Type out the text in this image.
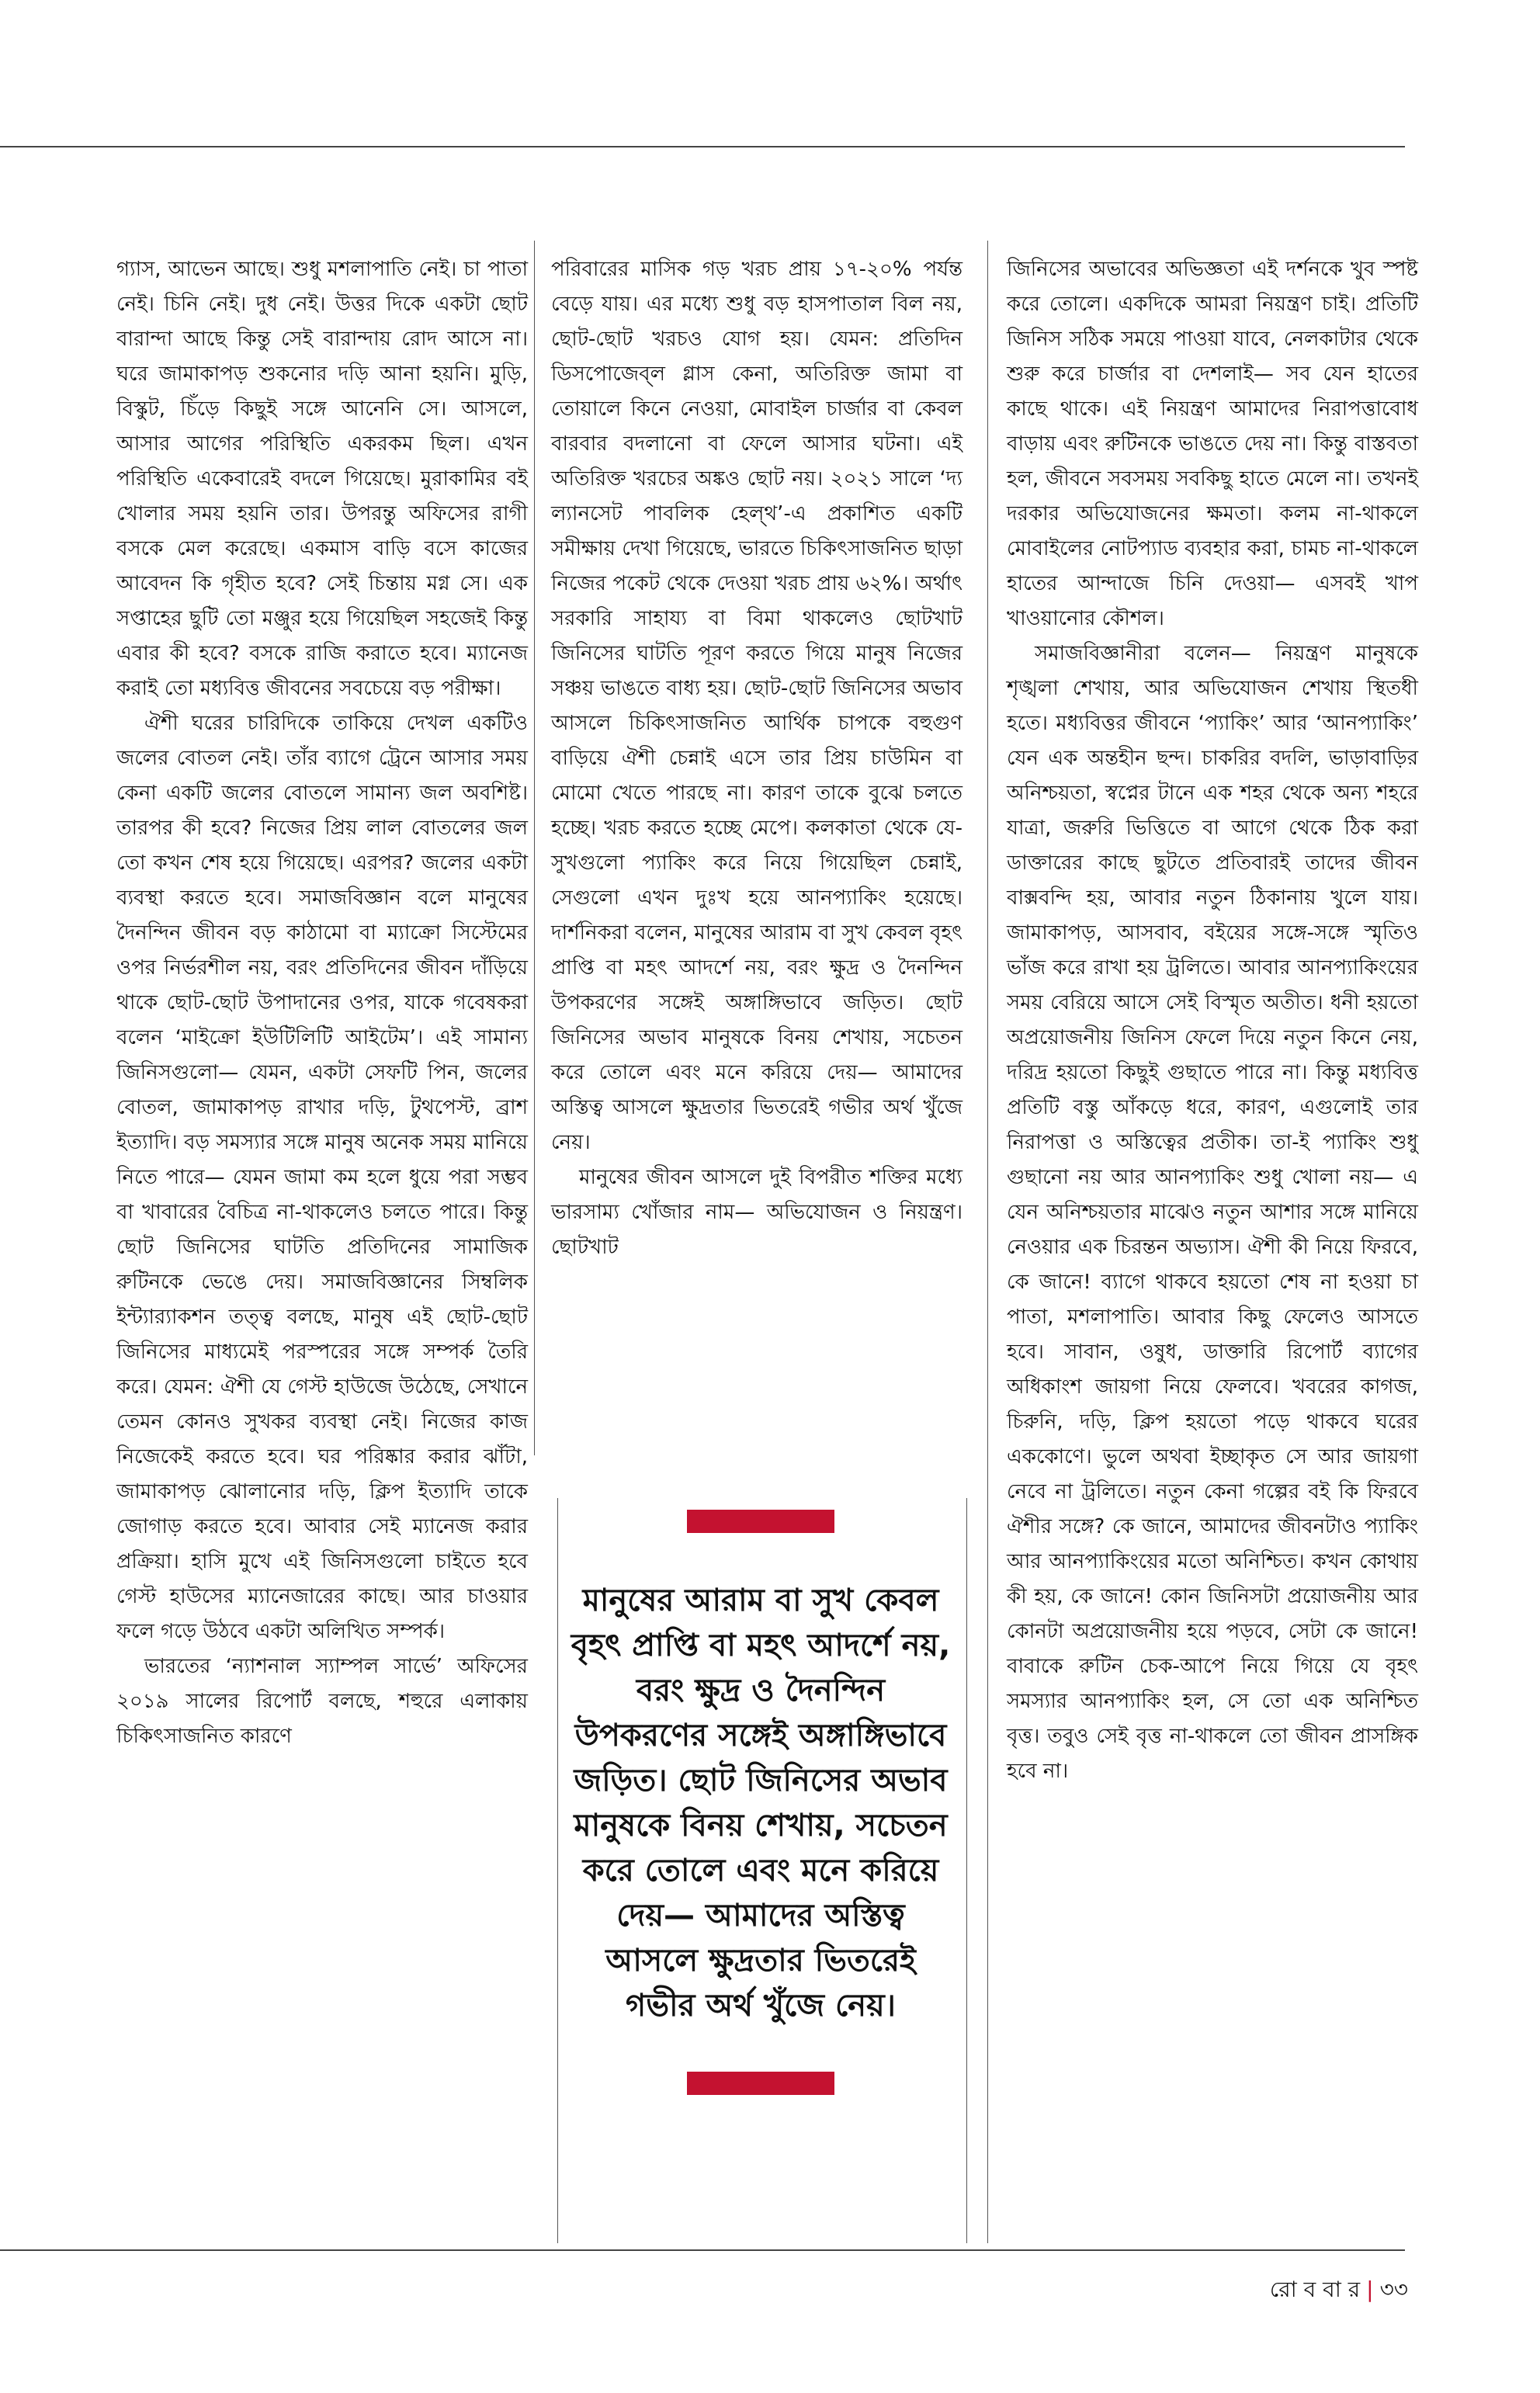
গ্যাস, আভেন আছে। শুধু মশলাপাতি নেই। চা পাতা নেই। চিনি নেই। দুধ নেই। উত্তর দিকে একটা ছোট বারান্দা আছে কিন্তু সেই বারান্দায় রোদ আসে না। ঘরে জামাকাপড় শুকনোর দড়ি আনা হয়নি। মুড়ি, বিস্কুট, চিঁড়ে কিছুই সঙ্গে আনেনি সে। আসলে, আসার আগের পরিস্থিতি একরকম ছিল। এখন পরিস্থিতি একেবারেই বদলে গিয়েছে। মুরাকামির বই খোলার সময় হয়নি তার। উপরন্তু অফিসের রাগী বসকে মেল করেছে। একমাস বাড়ি বসে কাজের আবেদন কি গৃহীত হবে? সেই চিন্তায় মগ্ন সে। এক সপ্তাহের ছুটি তো মঞ্জুর হয়ে গিয়েছিল সহজেই কিন্তু এবার কী হবে? বসকে রাজি করাতে হবে। ম্যানেজ করাই তো মধ্যবিত্ত জীবনের সবচেয়ে বড় পরীক্ষা।

ঐশী ঘরের চারিদিকে তাকিয়ে দেখল একটিও জলের বোতল নেই। তাঁর ব্যাগে ট্রেনে আসার সময় কেনা একটি জলের বোতলে সামান্য জল অবশিষ্ট। তারপর কী হবে? নিজের প্রিয় লাল বোতলের জল তো কখন শেষ হয়ে গিয়েছে। এরপর? জলের একটা ব্যবস্থা করতে হবে। সমাজবিজ্ঞান বলে মানুষের দৈনন্দিন জীবন বড় কাঠামো বা ম্যাক্রো সিস্টেমের ওপর নির্ভরশীল নয়, বরং প্রতিদিনের জীবন দাঁড়িয়ে থাকে ছোট-ছোট উপাদানের ওপর, যাকে গবেষকরা বলেন ‘মাইক্রো ইউটিলিটি আইটেম’। এই সামান্য জিনিসগুলো— যেমন, একটা সেফটি পিন, জলের বোতল, জামাকাপড় রাখার দড়ি, টুথপেস্ট, ব্রাশ ইত্যাদি। বড় সমস্যার সঙ্গে মানুষ অনেক সময় মানিয়ে নিতে পারে— যেমন জামা কম হলে ধুয়ে পরা সম্ভব বা খাবারের বৈচিত্র না-থাকলেও চলতে পারে। কিন্তু ছোট জিনিসের ঘাটতি প্রতিদিনের সামাজিক রুটিনকে ভেঙে দেয়। সমাজবিজ্ঞানের সিম্বলিক ইন্ট্যার‍্যাকশন তত্ত্ব বলছে, মানুষ এই ছোট-ছোট জিনিসের মাধ্যমেই পরস্পরের সঙ্গে সম্পর্ক তৈরি করে। যেমন: ঐশী যে গেস্ট হাউজে উঠেছে, সেখানে তেমন কোনও সুখকর ব্যবস্থা নেই। নিজের কাজ নিজেকেই করতে হবে। ঘর পরিষ্কার করার ঝাঁটা, জামাকাপড় ঝোলানোর দড়ি, ক্লিপ ইত্যাদি তাকে জোগাড় করতে হবে। আবার সেই ম্যানেজ করার প্রক্রিয়া। হাসি মুখে এই জিনিসগুলো চাইতে হবে গেস্ট হাউসের ম্যানেজারের কাছে। আর চাওয়ার ফলে গড়ে উঠবে একটা অলিখিত সম্পর্ক।

ভারতের ‘ন্যাশনাল স্যাম্পল সার্ভে’ অফিসের ২০১৯ সালের রিপোর্ট বলছে, শহুরে এলাকায় চিকিৎসাজনিত কারণে

পরিবারের মাসিক গড় খরচ প্রায় ১৭-২০% পর্যন্ত বেড়ে যায়। এর মধ্যে শুধু বড় হাসপাতাল বিল নয়, ছোট-ছোট খরচও যোগ হয়। যেমন: প্রতিদিন ডিসপোজেব্‌ল গ্লাস কেনা, অতিরিক্ত জামা বা তোয়ালে কিনে নেওয়া, মোবাইল চার্জার বা কেবল বারবার বদলানো বা ফেলে আসার ঘটনা। এই অতিরিক্ত খরচের অঙ্কও ছোট নয়। ২০২১ সালে ‘দ্য ল্যানসেট পাবলিক হেল্থ’-এ প্রকাশিত একটি সমীক্ষায় দেখা গিয়েছে, ভারতে চিকিৎসাজনিত ছাড়া নিজের পকেট থেকে দেওয়া খরচ প্রায় ৬২%। অর্থাৎ সরকারি সাহায্য বা বিমা থাকলেও ছোটখাট জিনিসের ঘাটতি পূরণ করতে গিয়ে মানুষ নিজের সঞ্চয় ভাঙতে বাধ্য হয়। ছোট-ছোট জিনিসের অভাব আসলে চিকিৎসাজনিত আর্থিক চাপকে বহুগুণ বাড়িয়ে ঐশী চেন্নাই এসে তার প্রিয় চাউমিন বা মোমো খেতে পারছে না। কারণ তাকে বুঝে চলতে হচ্ছে। খরচ করতে হচ্ছে মেপে। কলকাতা থেকে যে-সুখগুলো প্যাকিং করে নিয়ে গিয়েছিল চেন্নাই, সেগুলো এখন দুঃখ হয়ে আনপ্যাকিং হয়েছে। দার্শনিকরা বলেন, মানুষের আরাম বা সুখ কেবল বৃহৎ প্রাপ্তি বা মহৎ আদর্শে নয়, বরং ক্ষুদ্র ও দৈনন্দিন উপকরণের সঙ্গেই অঙ্গাঙ্গিভাবে জড়িত। ছোট জিনিসের অভাব মানুষকে বিনয় শেখায়, সচেতন করে তোলে এবং মনে করিয়ে দেয়— আমাদের অস্তিত্ব আসলে ক্ষুদ্রতার ভিতরেই গভীর অর্থ খুঁজে নেয়।

মানুষের জীবন আসলে দুই বিপরীত শক্তির মধ্যে ভারসাম্য খোঁজার নাম— অভিযোজন ও নিয়ন্ত্রণ। ছোটখাট

জিনিসের অভাবের অভিজ্ঞতা এই দর্শনকে খুব স্পষ্ট করে তোলে। একদিকে আমরা নিয়ন্ত্রণ চাই। প্রতিটি জিনিস সঠিক সময়ে পাওয়া যাবে, নেলকাটার থেকে শুরু করে চার্জার বা দেশলাই— সব যেন হাতের কাছে থাকে। এই নিয়ন্ত্রণ আমাদের নিরাপত্তাবোধ বাড়ায় এবং রুটিনকে ভাঙতে দেয় না। কিন্তু বাস্তবতা হল, জীবনে সবসময় সবকিছু হাতে মেলে না। তখনই দরকার অভিযোজনের ক্ষমতা। কলম না-থাকলে মোবাইলের নোটপ্যাড ব্যবহার করা, চামচ না-থাকলে হাতের আন্দাজে চিনি দেওয়া— এসবই খাপ খাওয়ানোর কৌশল।

সমাজবিজ্ঞানীরা বলেন— নিয়ন্ত্রণ মানুষকে শৃঙ্খলা শেখায়, আর অভিযোজন শেখায় স্থিতধী হতে। মধ্যবিত্তর জীবনে ‘প্যাকিং’ আর ‘আনপ্যাকিং’ যেন এক অন্তহীন ছন্দ। চাকরির বদলি, ভাড়াবাড়ির অনিশ্চয়তা, স্বপ্নের টানে এক শহর থেকে অন্য শহরে যাত্রা, জরুরি ভিত্তিতে বা আগে থেকে ঠিক করা ডাক্তারের কাছে ছুটতে প্রতিবারই তাদের জীবন বাক্সবন্দি হয়, আবার নতুন ঠিকানায় খুলে যায়। জামাকাপড়, আসবাব, বইয়ের সঙ্গে-সঙ্গে স্মৃতিও ভাঁজ করে রাখা হয় ট্রলিতে। আবার আনপ্যাকিংয়ের সময় বেরিয়ে আসে সেই বিস্মৃত অতীত। ধনী হয়তো অপ্রয়োজনীয় জিনিস ফেলে দিয়ে নতুন কিনে নেয়, দরিদ্র হয়তো কিছুই গুছাতে পারে না। কিন্তু মধ্যবিত্ত প্রতিটি বস্তু আঁকড়ে ধরে, কারণ, এগুলোই তার নিরাপত্তা ও অস্তিত্বের প্রতীক। তা-ই প্যাকিং শুধু গুছানো নয় আর আনপ্যাকিং শুধু খোলা নয়— এ যেন অনিশ্চয়তার মাঝেও নতুন আশার সঙ্গে মানিয়ে নেওয়ার এক চিরন্তন অভ্যাস। ঐশী কী নিয়ে ফিরবে, কে জানে! ব্যাগে থাকবে হয়তো শেষ না হওয়া চা পাতা, মশলাপাতি। আবার কিছু ফেলেও আসতে হবে। সাবান, ওষুধ, ডাক্তারি রিপোর্ট ব্যাগের অধিকাংশ জায়গা নিয়ে ফেলবে। খবরের কাগজ, চিরুনি, দড়ি, ক্লিপ হয়তো পড়ে থাকবে ঘরের এককোণে। ভুলে অথবা ইচ্ছাকৃত সে আর জায়গা নেবে না ট্রলিতে। নতুন কেনা গল্পের বই কি ফিরবে ঐশীর সঙ্গে? কে জানে, আমাদের জীবনটাও প্যাকিং আর আনপ্যাকিংয়ের মতো অনিশ্চিত। কখন কোথায় কী হয়, কে জানে! কোন জিনিসটা প্রয়োজনীয় আর কোনটা অপ্রয়োজনীয় হয়ে পড়বে, সেটা কে জানে! বাবাকে রুটিন চেক-আপে নিয়ে গিয়ে যে বৃহৎ সমস্যার আনপ্যাকিং হল, সে তো এক অনিশ্চিত বৃত্ত। তবুও সেই বৃত্ত না-থাকলে তো জীবন প্রাসঙ্গিক হবে না।

মানুষের আরাম বা সুখ কেবল বৃহৎ প্রাপ্তি বা মহৎ আদর্শে নয়, বরং ক্ষুদ্র ও দৈনন্দিন উপকরণের সঙ্গেই অঙ্গাঙ্গিভাবে জড়িত। ছোট জিনিসের অভাব মানুষকে বিনয় শেখায়, সচেতন করে তোলে এবং মনে করিয়ে দেয়— আমাদের অস্তিত্ব আসলে ক্ষুদ্রতার ভিতরেই গভীর অর্থ খুঁজে নেয়।

রো ব বা র | ৩৩
